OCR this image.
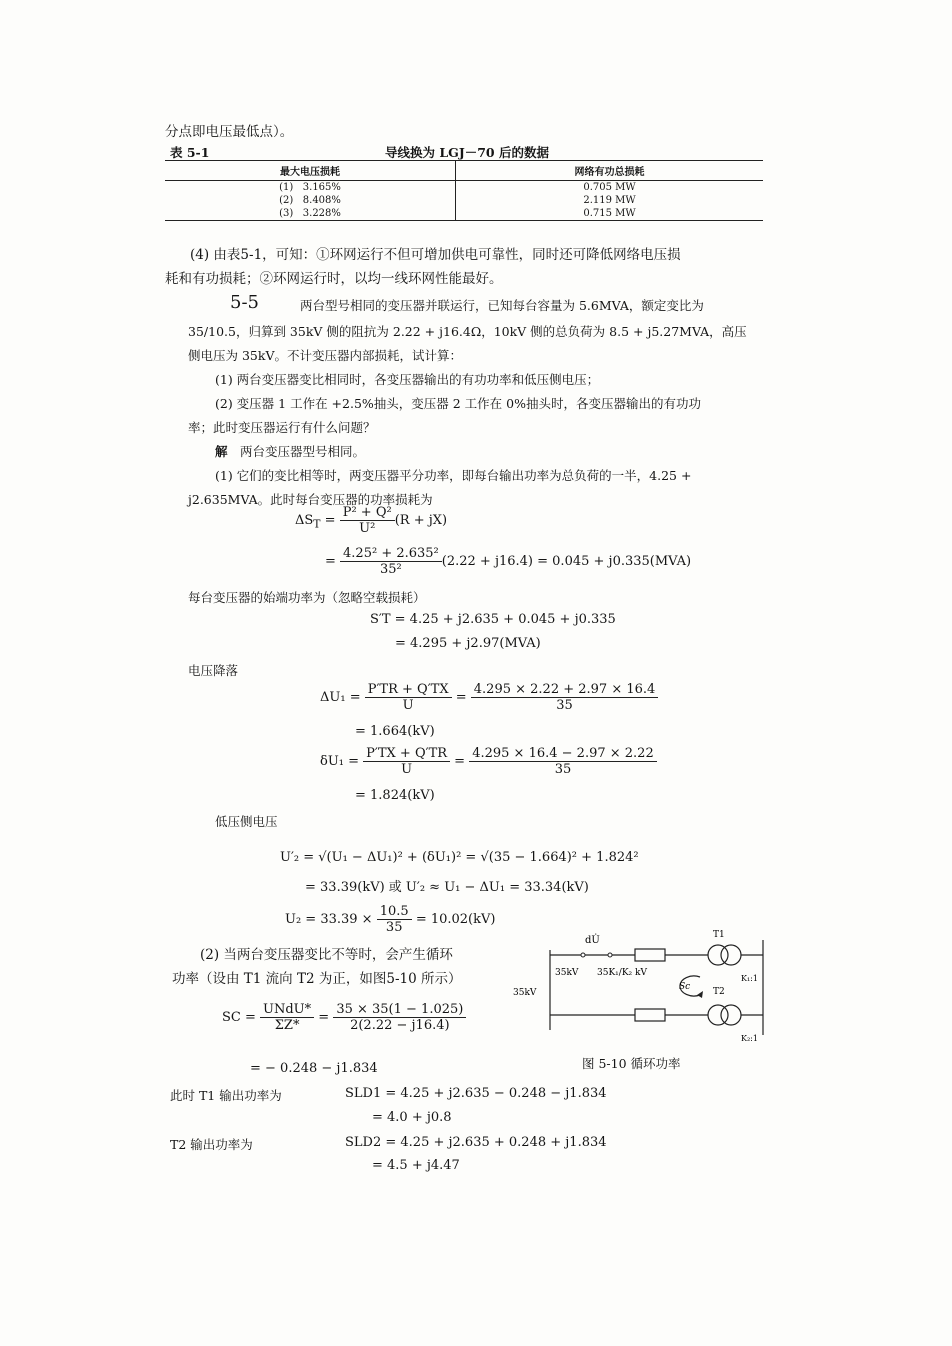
分点即电压最低点）。
表 5-1	导线换为 LGJ－70 后的数据
最大电压损耗	网络有功总损耗
(1) 3.165%	0.705 MW
(2) 8.408%	2.119 MW
(3) 3.228%	0.715 MW
(4) 由表5-1，可知：①环网运行不但可增加供电可靠性，同时还可降低网络电压损
耗和有功损耗；②环网运行时，以均一线环网性能最好。
5-5	两台型号相同的变压器并联运行，已知每台容量为 5.6MVA，额定变比为
35/10.5，归算到 35kV 侧的阻抗为 2.22 + j16.4Ω，10kV 侧的总负荷为 8.5 + j5.27MVA，高压
侧电压为 35kV。不计变压器内部损耗，试计算：
(1) 两台变压器变比相同时，各变压器输出的有功功率和低压侧电压；
(2) 变压器 1 工作在 +2.5%抽头，变压器 2 工作在 0%抽头时，各变压器输出的有功功
率；此时变压器运行有什么问题？
解 两台变压器型号相同。
(1) 它们的变比相等时，两变压器平分功率，即每台输出功率为总负荷的一半，4.25 +
j2.635MVA。此时每台变压器的功率损耗为
$\Delta S_T = \frac{\text{P² + Q²}}{\text{U²}} (R + jX)$
= $\frac{\text{4.25² + 2.635²}}{\text{35²}} (2.22 + j16.4) = 0.045 + j0.335(MVA)$
每台变压器的始端功率为（忽略空载损耗）
S′T = 4.25 + j2.635 + 0.045 + j0.335
= 4.295 + j2.97(MVA)
电压降落
$\Delta U_1 = \frac{P'TR + Q'TX}{U} = \frac{4.295 \times 2.22 + 2.97 \times 16.4}{35}$
= 1.664(kV)
$\delta U_1 = \frac{P'TX + Q'TR}{U} = \frac{4.295 \times 16.4 - 2.97 \times 2.22}{35}$
= 1.824(kV)
低压侧电压
U′₂ = √(U₁ − ΔU₁)² + (δU₁)² = √(35 − 1.664)² + 1.824²
= 33.39(kV) 或 U′₂ ≈ U₁ − ΔU₁ = 33.34(kV)
$U_2 = 33.39 \times \frac{10.5}{35} = 10.02(kV)$
(2) 当两台变压器变比不等时，会产生循环
功率（设由 T1 流向 T2 为正，如图5-10 所示）
SC = $\frac{\text{UNdU*}}{\Sigma Z*} = \frac{35 \times 35(1 - 1.025)}{2(2.22 - j16.4)}$
= − 0.248 − j1.834
此时 T1 输出功率为	SLD1 = 4.25 + j2.635 − 0.248 − j1.834
= 4.0 + j0.8
T2 输出功率为	SLD2 = 4.25 + j2.635 + 0.248 + j1.834
= 4.5 + j4.47
dU̇	T1
T2
35kV
35kV
35K₁/K₂ kV
K₁:1
K₂:1
Sc
图 5-10 循环功率
